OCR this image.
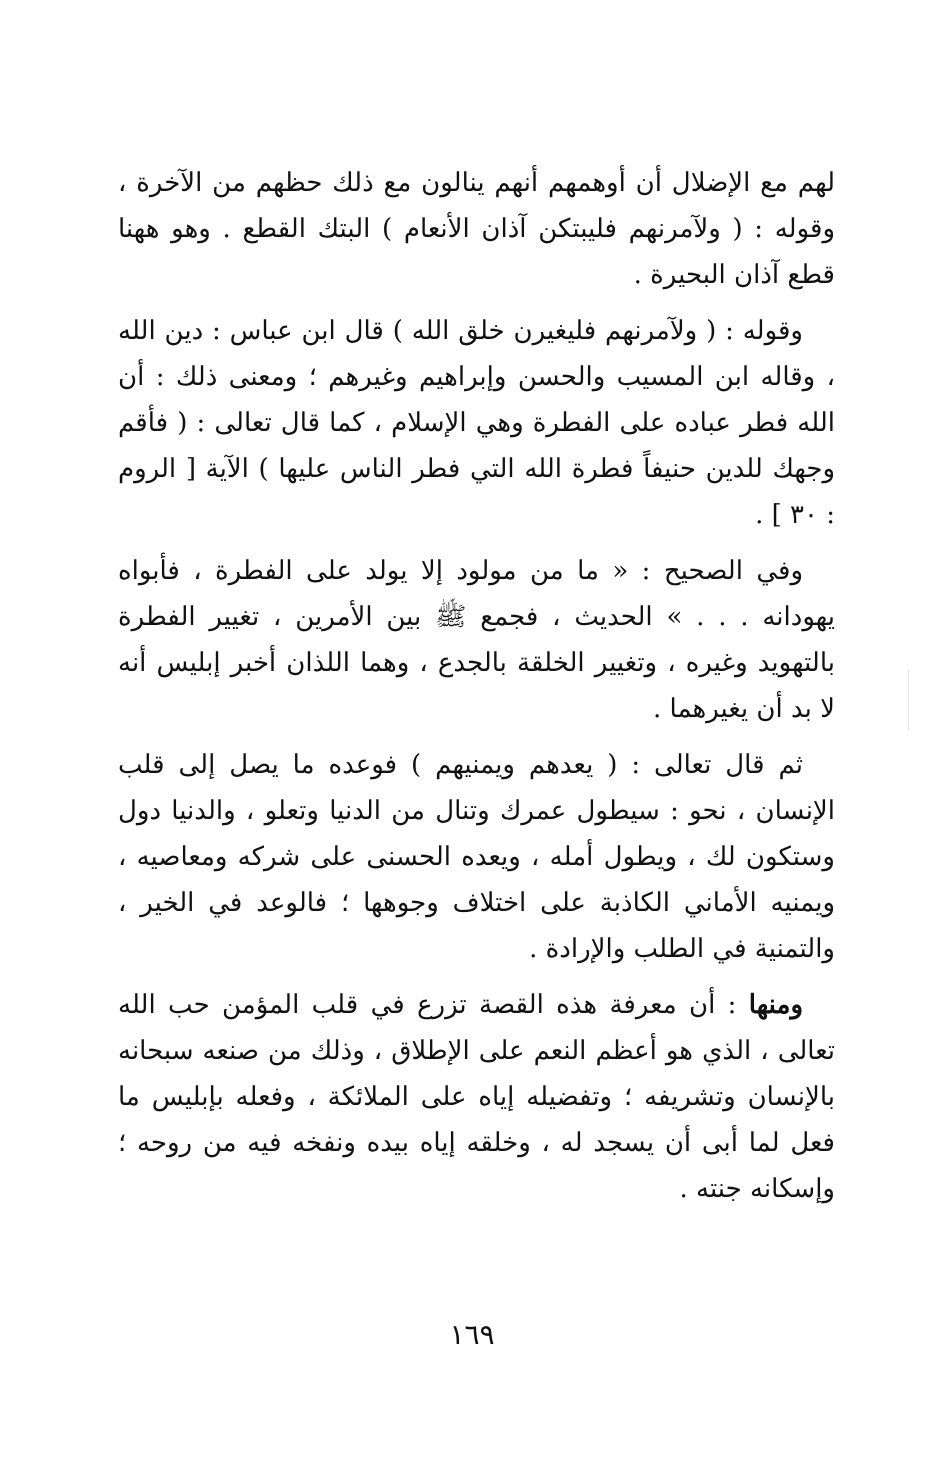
لهم مع الإضلال أن أوهمهم أنهم ينالون مع ذلك حظهم من الآخرة ، وقوله : ( ولآمرنهم فليبتكن آذان الأنعام ) البتك القطع . وهو ههنا قطع آذان البحيرة .

وقوله : ( ولآمرنهم فليغيرن خلق الله ) قال ابن عباس : دين الله ، وقاله ابن المسيب والحسن وإبراهيم وغيرهم ؛ ومعنى ذلك : أن الله فطر عباده على الفطرة وهي الإسلام ، كما قال تعالى : ( فأقم وجهك للدين حنيفاً فطرة الله التي فطر الناس عليها ) الآية [ الروم : ٣٠ ] .

وفي الصحيح : « ما من مولود إلا يولد على الفطرة ، فأبواه يهودانه . . . » الحديث ، فجمع ﷺ بين الأمرين ، تغيير الفطرة بالتهويد وغيره ، وتغيير الخلقة بالجدع ، وهما اللذان أخبر إبليس أنه لا بد أن يغيرهما .

ثم قال تعالى : ( يعدهم ويمنيهم ) فوعده ما يصل إلى قلب الإنسان ، نحو : سيطول عمرك وتنال من الدنيا وتعلو ، والدنيا دول وستكون لك ، ويطول أمله ، ويعده الحسنى على شركه ومعاصيه ، ويمنيه الأماني الكاذبة على اختلاف وجوهها ؛ فالوعد في الخير ، والتمنية في الطلب والإرادة .

ومنها : أن معرفة هذه القصة تزرع في قلب المؤمن حب الله تعالى ، الذي هو أعظم النعم على الإطلاق ، وذلك من صنعه سبحانه بالإنسان وتشريفه ؛ وتفضيله إياه على الملائكة ، وفعله بإبليس ما فعل لما أبى أن يسجد له ، وخلقه إياه بيده ونفخه فيه من روحه ؛ وإسكانه جنته .

١٦٩
